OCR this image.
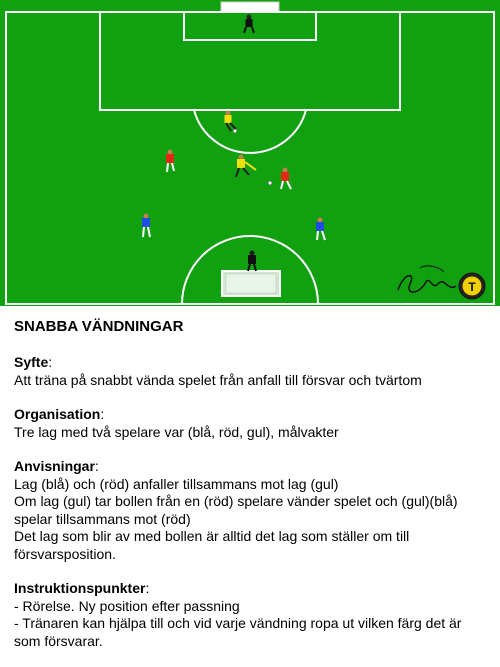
T
SNABBA VÄNDNINGAR
Syfte:
Att träna på snabbt vända spelet från anfall till försvar och tvärtom
Organisation:
Tre lag med två spelare var (blå, röd, gul), målvakter
Anvisningar:
Lag (blå) och (röd) anfaller tillsammans mot lag (gul)
Om lag (gul) tar bollen från en (röd) spelare vänder spelet och (gul)(blå) spelar tillsammans mot (röd)
Det lag som blir av med bollen är alltid det lag som ställer om till försvarsposition.
Instruktionspunkter:
- Rörelse. Ny position efter passning
- Tränaren kan hjälpa till och vid varje vändning ropa ut vilken färg det är som försvarar.
